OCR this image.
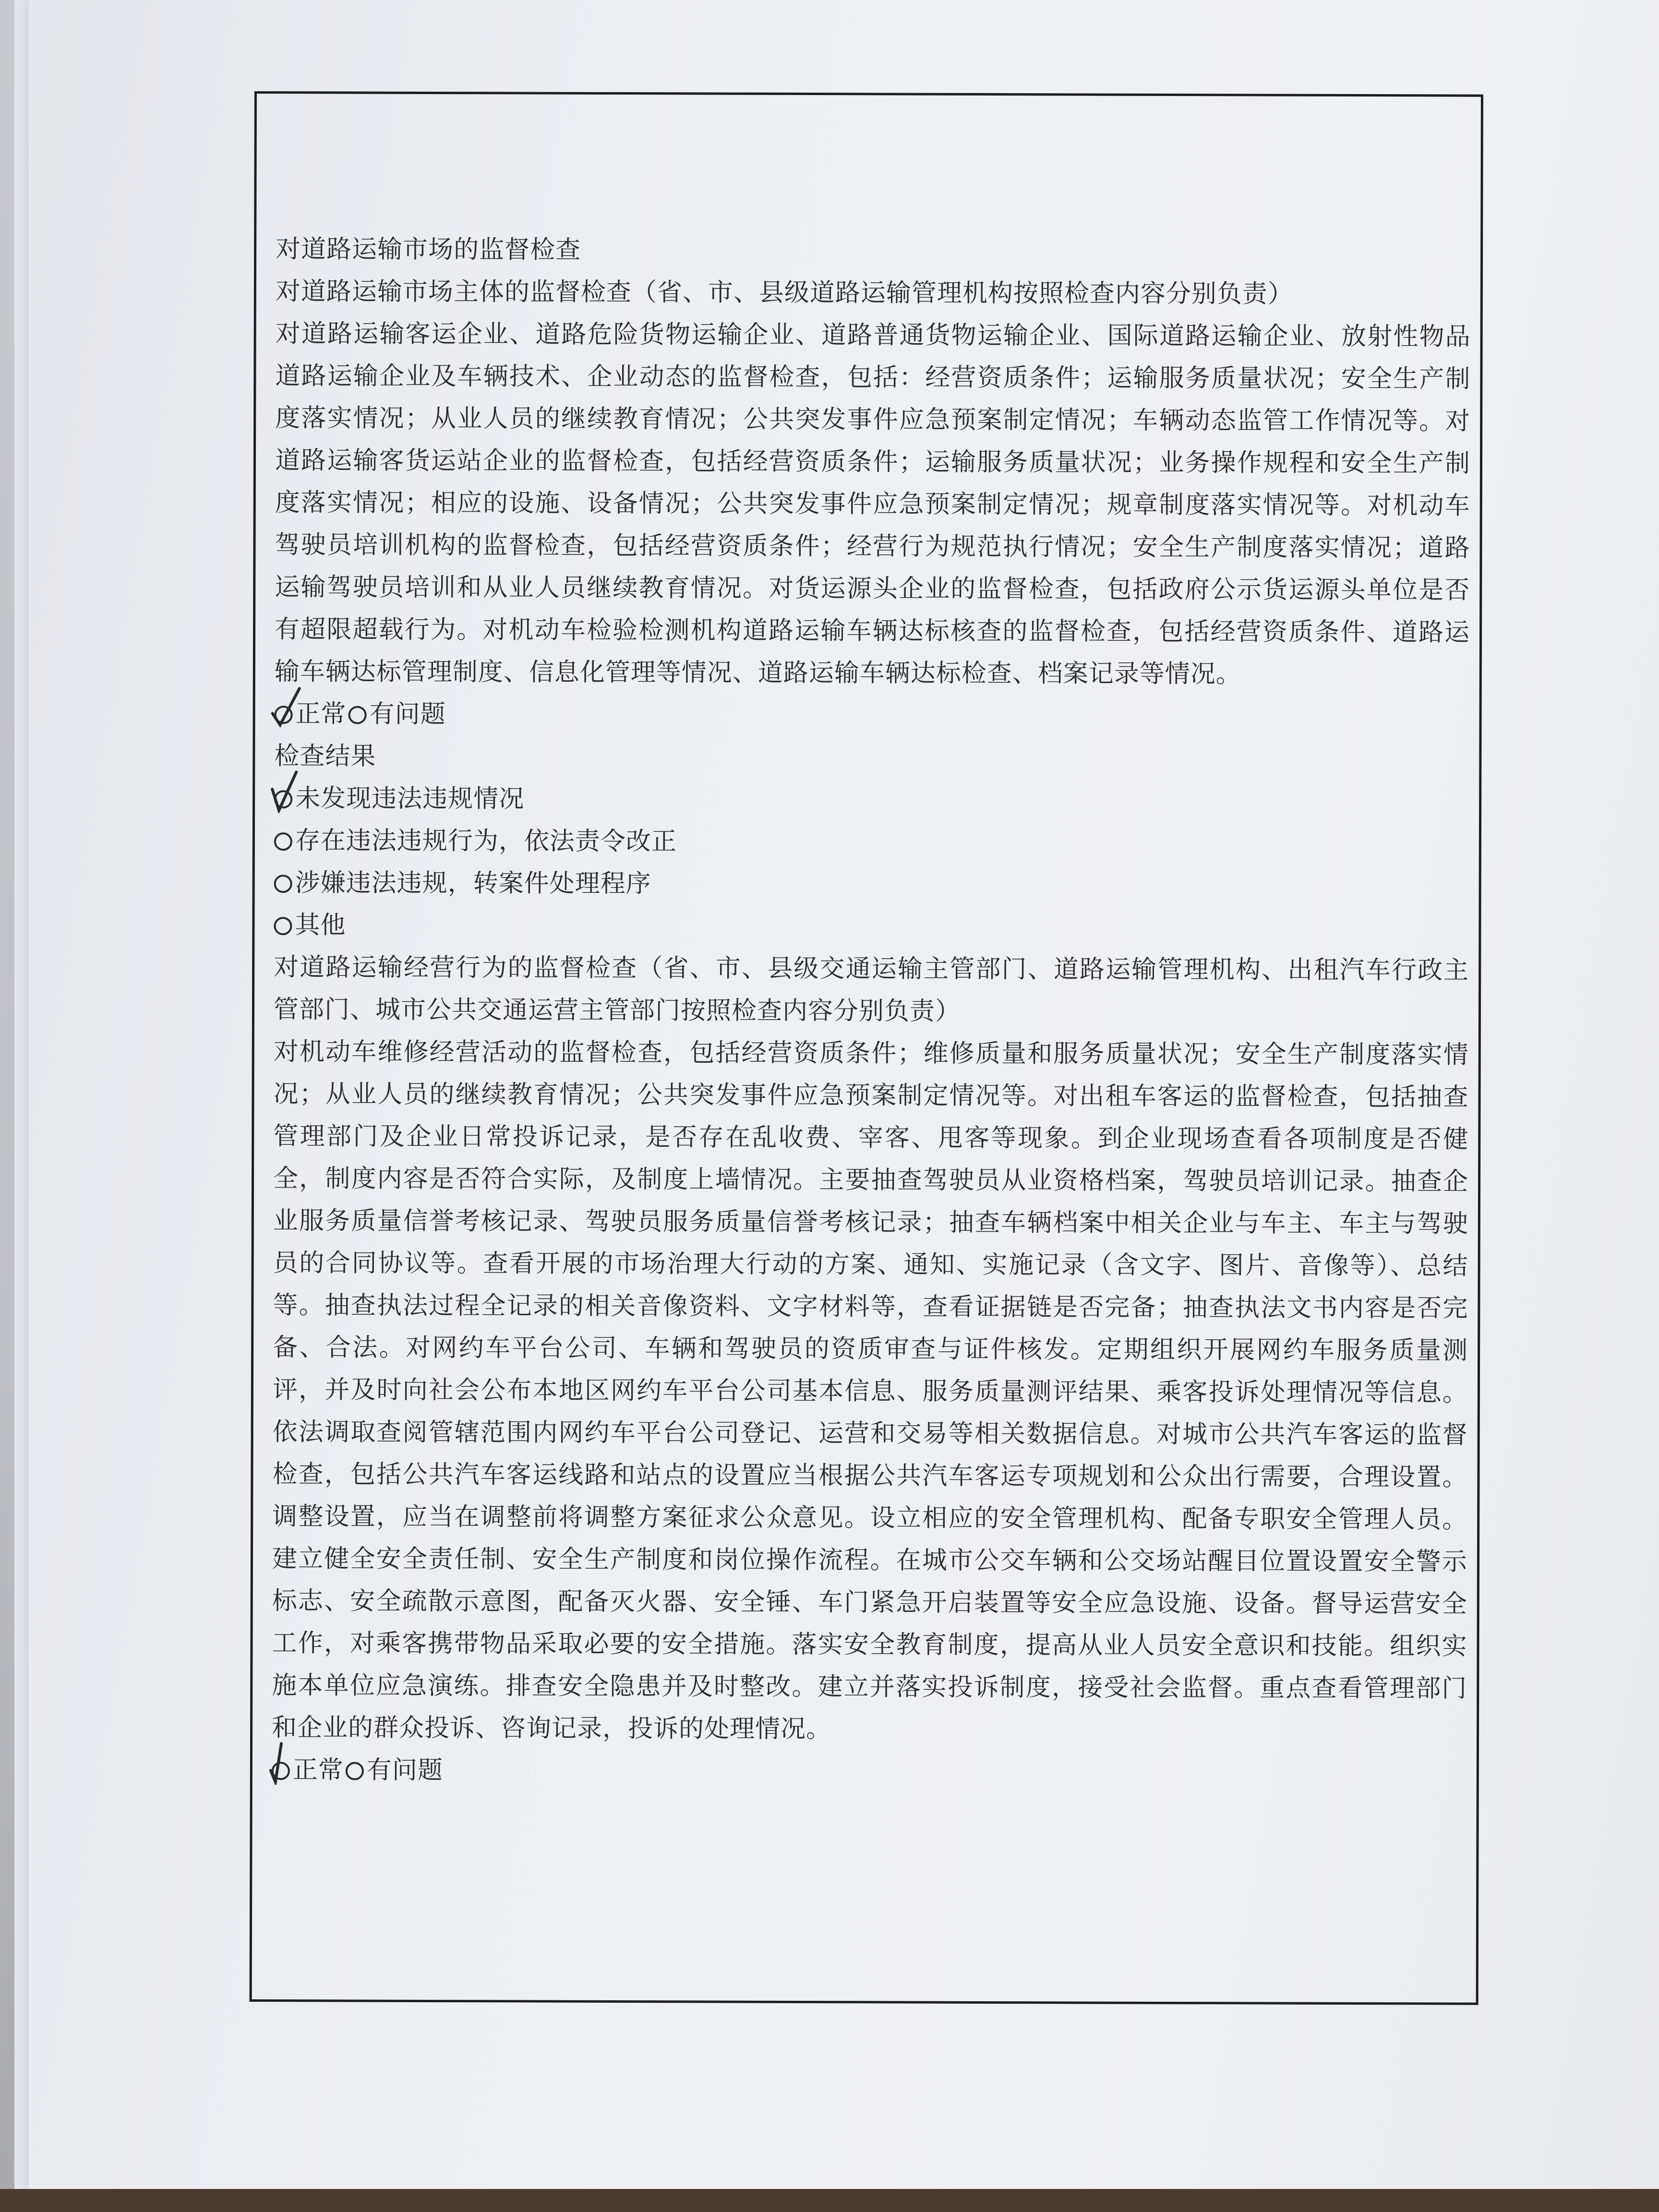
对道路运输市场的监督检查

对道路运输市场主体的监督检查（省、市、县级道路运输管理机构按照检查内容分别负责）

对道路运输客运企业、道路危险货物运输企业、道路普通货物运输企业、国际道路运输企业、放射性物品道路运输企业及车辆技术、企业动态的监督检查，包括：经营资质条件；运输服务质量状况；安全生产制度落实情况；从业人员的继续教育情况；公共突发事件应急预案制定情况；车辆动态监管工作情况等。对道路运输客货运站企业的监督检查，包括经营资质条件；运输服务质量状况；业务操作规程和安全生产制度落实情况；相应的设施、设备情况；公共突发事件应急预案制定情况；规章制度落实情况等。对机动车驾驶员培训机构的监督检查，包括经营资质条件；经营行为规范执行情况；安全生产制度落实情况；道路运输驾驶员培训和从业人员继续教育情况。对货运源头企业的监督检查，包括政府公示货运源头单位是否有超限超载行为。对机动车检验检测机构道路运输车辆达标核查的监督检查，包括经营资质条件、道路运输车辆达标管理制度、信息化管理等情况、道路运输车辆达标检查、档案记录等情况。

正常 有问题

检查结果

未发现违法违规情况

存在违法违规行为，依法责令改正

涉嫌违法违规，转案件处理程序

其他

对道路运输经营行为的监督检查（省、市、县级交通运输主管部门、道路运输管理机构、出租汽车行政主管部门、城市公共交通运营主管部门按照检查内容分别负责）

对机动车维修经营活动的监督检查，包括经营资质条件；维修质量和服务质量状况；安全生产制度落实情况；从业人员的继续教育情况；公共突发事件应急预案制定情况等。对出租车客运的监督检查，包括抽查管理部门及企业日常投诉记录，是否存在乱收费、宰客、甩客等现象。到企业现场查看各项制度是否健全，制度内容是否符合实际，及制度上墙情况。主要抽查驾驶员从业资格档案，驾驶员培训记录。抽查企业服务质量信誉考核记录、驾驶员服务质量信誉考核记录；抽查车辆档案中相关企业与车主、车主与驾驶员的合同协议等。查看开展的市场治理大行动的方案、通知、实施记录（含文字、图片、音像等）、总结等。抽查执法过程全记录的相关音像资料、文字材料等，查看证据链是否完备；抽查执法文书内容是否完备、合法。对网约车平台公司、车辆和驾驶员的资质审查与证件核发。定期组织开展网约车服务质量测评，并及时向社会公布本地区网约车平台公司基本信息、服务质量测评结果、乘客投诉处理情况等信息。依法调取查阅管辖范围内网约车平台公司登记、运营和交易等相关数据信息。对城市公共汽车客运的监督检查，包括公共汽车客运线路和站点的设置应当根据公共汽车客运专项规划和公众出行需要，合理设置。调整设置，应当在调整前将调整方案征求公众意见。设立相应的安全管理机构、配备专职安全管理人员。建立健全安全责任制、安全生产制度和岗位操作流程。在城市公交车辆和公交场站醒目位置设置安全警示标志、安全疏散示意图，配备灭火器、安全锤、车门紧急开启装置等安全应急设施、设备。督导运营安全工作，对乘客携带物品采取必要的安全措施。落实安全教育制度，提高从业人员安全意识和技能。组织实施本单位应急演练。排查安全隐患并及时整改。建立并落实投诉制度，接受社会监督。重点查看管理部门和企业的群众投诉、咨询记录，投诉的处理情况。

正常 有问题
